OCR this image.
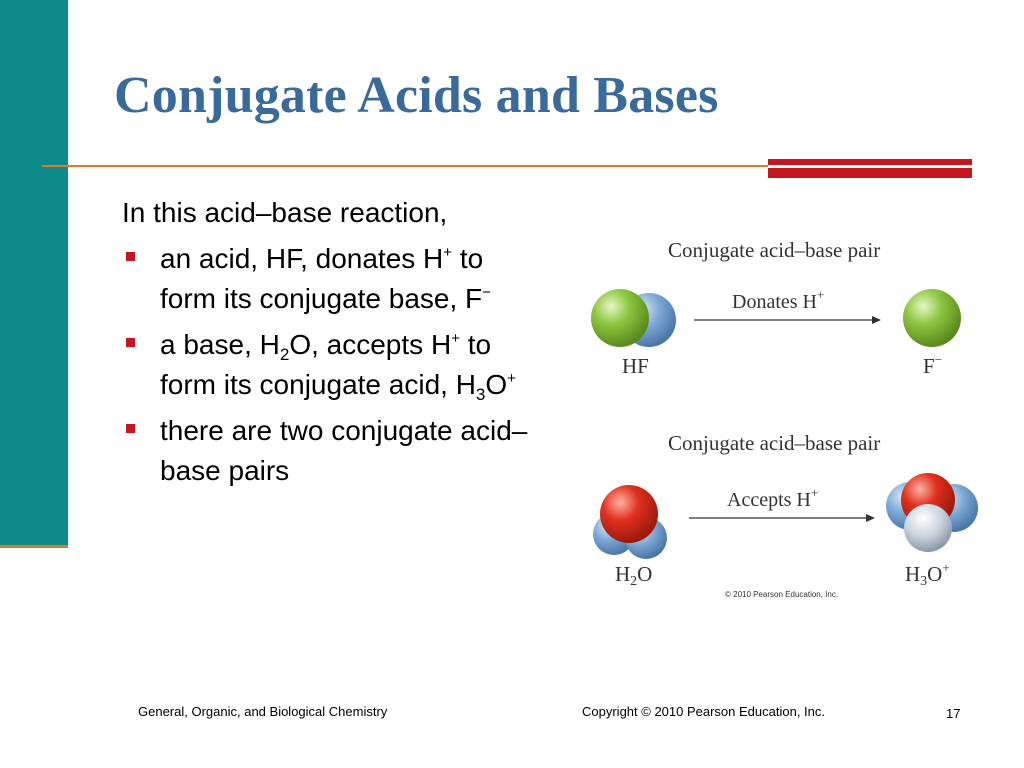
Conjugate Acids and Bases
In this acid–base reaction,
an acid, HF, donates H+ to form its conjugate base, F−
a base, $H_2O$, accepts H+ to form its conjugate acid, $H_3O^+$
there are two conjugate acid–base pairs
Conjugate acid–base pair
Donates H+
HF	F−
Conjugate acid–base pair
Accepts H+
$H_2O$	$H_3O^+$
© 2010 Pearson Education, Inc.
General, Organic, and Biological Chemistry	Copyright © 2010 Pearson Education, Inc.	17
